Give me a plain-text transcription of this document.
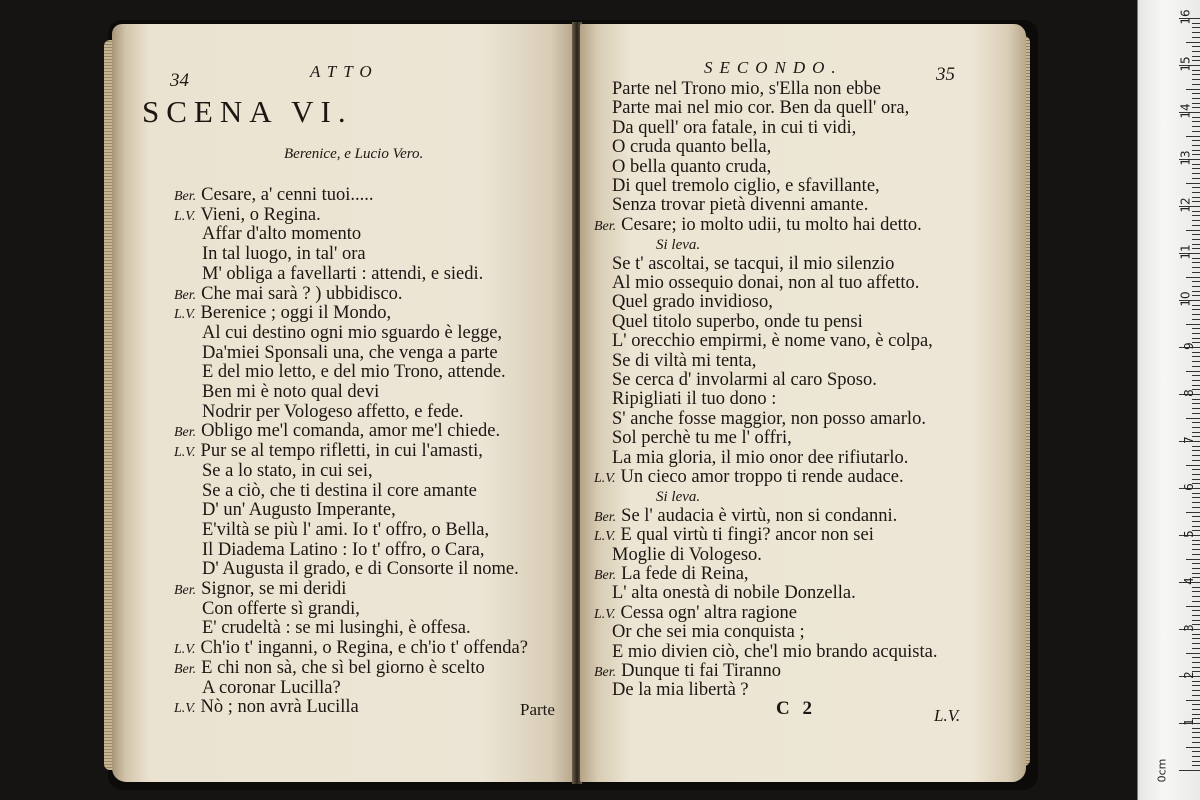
34	ATTO
SCENA VI.
Berenice, e Lucio Vero.
Ber. Cesare, a' cenni tuoi.....
L.V. Vieni, o Regina.
Affar d'alto momento
In tal luogo, in tal' ora
M' obliga a favellarti : attendi, e siedi.
Ber. Che mai sarà ? ) ubbidisco.
L.V. Berenice ; oggi il Mondo,
Al cui destino ogni mio sguardo è legge,
Da'miei Sponsali una, che venga a parte
E del mio letto, e del mio Trono, attende.
Ben mi è noto qual devi
Nodrir per Vologeso affetto, e fede.
Ber. Obligo me'l comanda, amor me'l chiede.
L.V. Pur se al tempo rifletti, in cui l'amasti,
Se a lo stato, in cui sei,
Se a ciò, che ti destina il core amante
D' un' Augusto Imperante,
E'viltà se più l' ami. Io t' offro, o Bella,
Il Diadema Latino : Io t' offro, o Cara,
D' Augusta il grado, e di Consorte il nome.
Ber. Signor, se mi deridi
Con offerte sì grandi,
E' crudeltà : se mi lusinghi, è offesa.
L.V. Ch'io t' inganni, o Regina, e ch'io t' offenda?
Ber. E chi non sà, che sì bel giorno è scelto
A coronar Lucilla?
L.V. Nò ; non avrà Lucilla	Parte
SECONDO.	35
Parte nel Trono mio, s'Ella non ebbe
Parte mai nel mio cor. Ben da quell' ora,
Da quell' ora fatale, in cui ti vidi,
O cruda quanto bella,
O bella quanto cruda,
Di quel tremolo ciglio, e sfavillante,
Senza trovar pietà divenni amante.
Ber. Cesare; io molto udii, tu molto hai detto.
Si leva.
Se t' ascoltai, se tacqui, il mio silenzio
Al mio ossequio donai, non al tuo affetto.
Quel grado invidioso,
Quel titolo superbo, onde tu pensi
L' orecchio empirmi, è nome vano, è colpa,
Se di viltà mi tenta,
Se cerca d' involarmi al caro Sposo.
Ripigliati il tuo dono :
S' anche fosse maggior, non posso amarlo.
Sol perchè tu me l' offri,
La mia gloria, il mio onor dee rifiutarlo.
L.V. Un cieco amor troppo ti rende audace.
Si leva.
Ber. Se l' audacia è virtù, non si condanni.
L.V. E qual virtù ti fingi? ancor non sei
Moglie di Vologeso.
Ber. La fede di Reina,
L' alta onestà di nobile Donzella.
L.V. Cessa ogn' altra ragione
Or che sei mia conquista ;
E mio divien ciò, che'l mio brando acquista.
Ber. Dunque ti fai Tiranno
De la mia libertà ?
C 2	L.V.
0cm
1
2
3
4
5
6
7
8
9
10
11
12
13
14
15
16
